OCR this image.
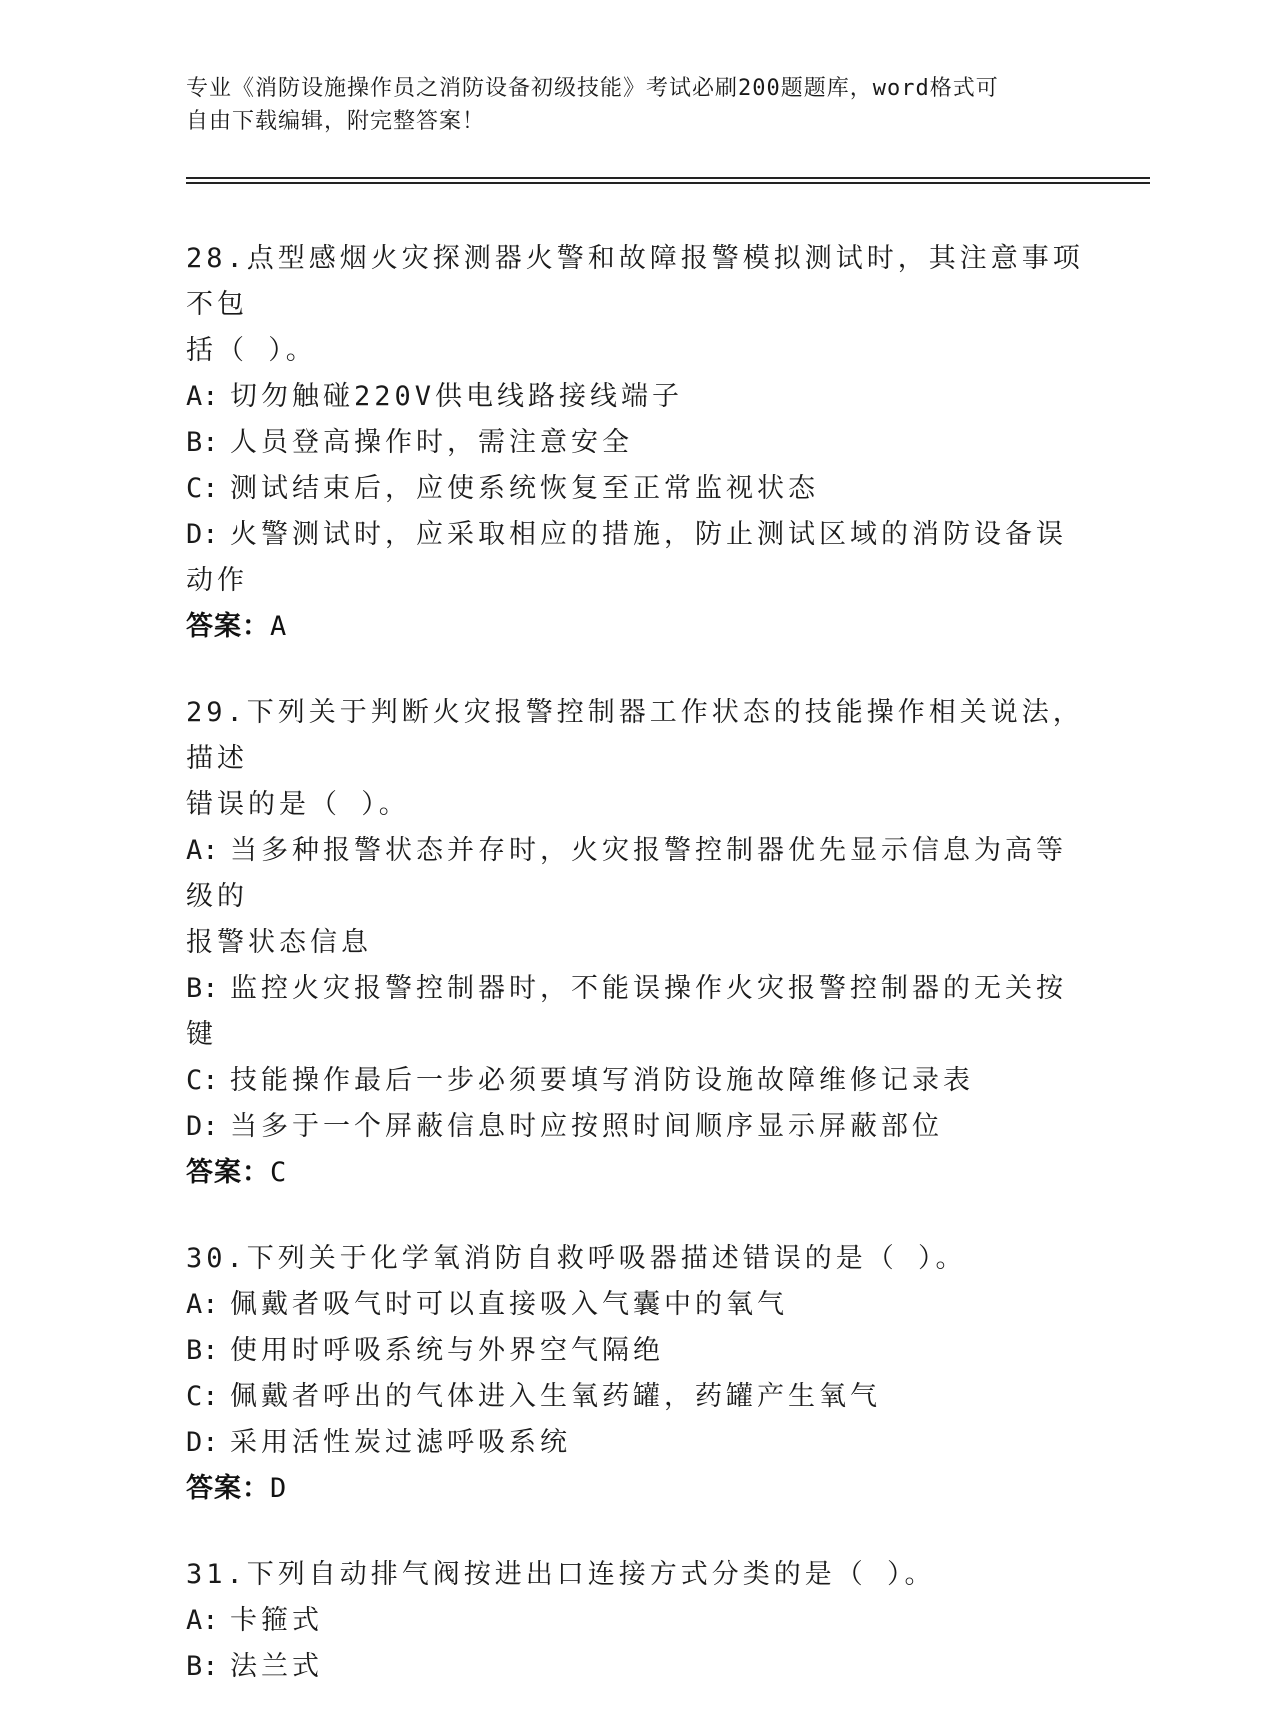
专业《消防设施操作员之消防设备初级技能》考试必刷200题题库，word格式可
自由下载编辑，附完整答案！

28.点型感烟火灾探测器火警和故障报警模拟测试时，其注意事项不包

括（ ）。

A: 切勿触碰220V供电线路接线端子

B: 人员登高操作时，需注意安全

C: 测试结束后，应使系统恢复至正常监视状态

D: 火警测试时，应采取相应的措施，防止测试区域的消防设备误动作

答案：A

29.下列关于判断火灾报警控制器工作状态的技能操作相关说法，描述

错误的是（ ）。

A: 当多种报警状态并存时，火灾报警控制器优先显示信息为高等级的

报警状态信息

B: 监控火灾报警控制器时，不能误操作火灾报警控制器的无关按键

C: 技能操作最后一步必须要填写消防设施故障维修记录表

D: 当多于一个屏蔽信息时应按照时间顺序显示屏蔽部位

答案：C

30.下列关于化学氧消防自救呼吸器描述错误的是（ ）。

A: 佩戴者吸气时可以直接吸入气囊中的氧气

B: 使用时呼吸系统与外界空气隔绝

C: 佩戴者呼出的气体进入生氧药罐，药罐产生氧气

D: 采用活性炭过滤呼吸系统

答案：D

31.下列自动排气阀按进出口连接方式分类的是（ ）。

A: 卡箍式

B: 法兰式
